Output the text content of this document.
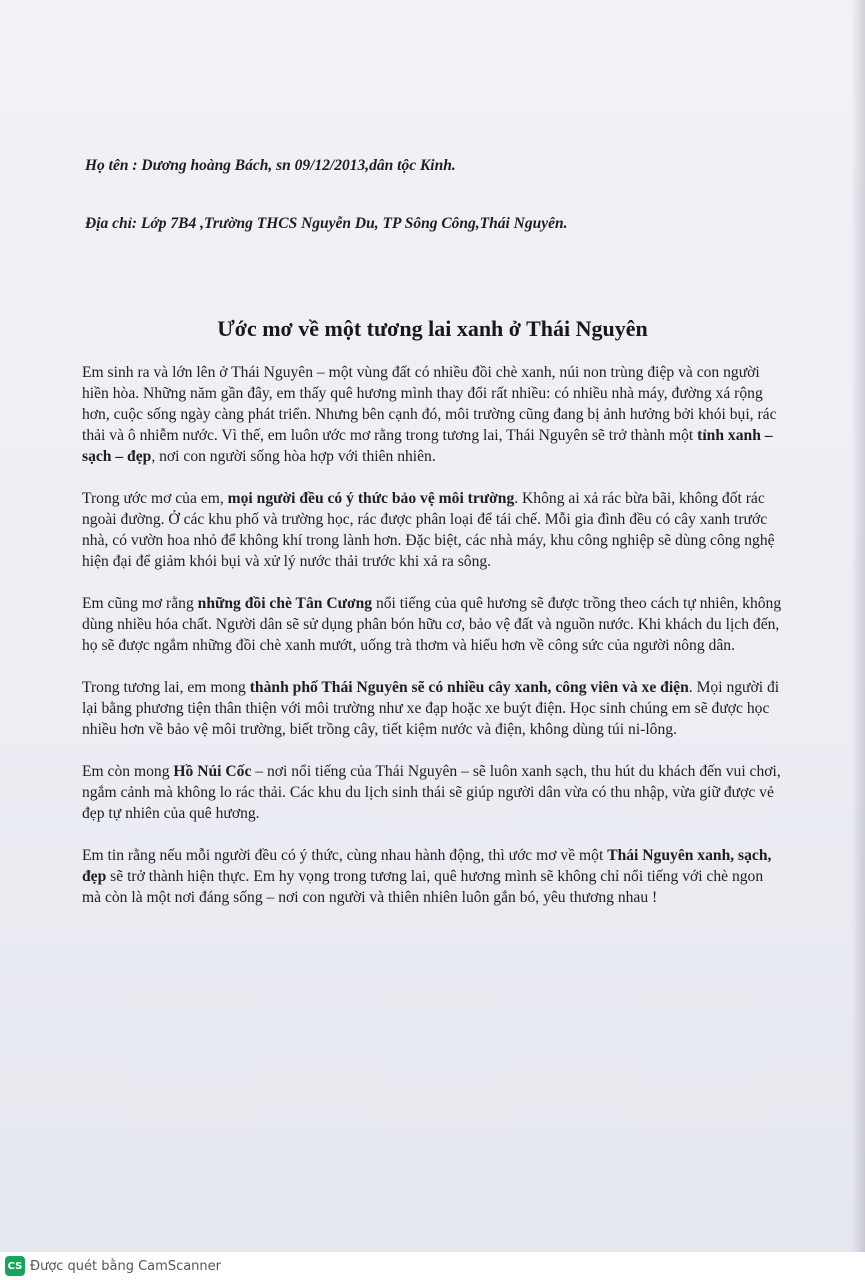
Họ tên : Dương hoàng Bách, sn 09/12/2013,dân tộc Kinh.
Địa chỉ: Lớp 7B4 ,Trường THCS Nguyễn Du, TP Sông Công,Thái Nguyên.
Ước mơ về một tương lai xanh ở Thái Nguyên

Em sinh ra và lớn lên ở Thái Nguyên – một vùng đất có nhiều đồi chè xanh, núi non trùng điệp và con người hiền hòa. Những năm gần đây, em thấy quê hương mình thay đổi rất nhiều: có nhiều nhà máy, đường xá rộng hơn, cuộc sống ngày càng phát triển. Nhưng bên cạnh đó, môi trường cũng đang bị ảnh hưởng bởi khói bụi, rác thải và ô nhiễm nước. Vì thế, em luôn ước mơ rằng trong tương lai, Thái Nguyên sẽ trở thành một tỉnh xanh – sạch – đẹp, nơi con người sống hòa hợp với thiên nhiên.

Trong ước mơ của em, mọi người đều có ý thức bảo vệ môi trường. Không ai xả rác bừa bãi, không đốt rác ngoài đường. Ở các khu phố và trường học, rác được phân loại để tái chế. Mỗi gia đình đều có cây xanh trước nhà, có vườn hoa nhỏ để không khí trong lành hơn. Đặc biệt, các nhà máy, khu công nghiệp sẽ dùng công nghệ hiện đại để giảm khói bụi và xử lý nước thải trước khi xả ra sông.

Em cũng mơ rằng những đồi chè Tân Cương nổi tiếng của quê hương sẽ được trồng theo cách tự nhiên, không dùng nhiều hóa chất. Người dân sẽ sử dụng phân bón hữu cơ, bảo vệ đất và nguồn nước. Khi khách du lịch đến, họ sẽ được ngắm những đồi chè xanh mướt, uống trà thơm và hiểu hơn về công sức của người nông dân.

Trong tương lai, em mong thành phố Thái Nguyên sẽ có nhiều cây xanh, công viên và xe điện. Mọi người đi lại bằng phương tiện thân thiện với môi trường như xe đạp hoặc xe buýt điện. Học sinh chúng em sẽ được học nhiều hơn về bảo vệ môi trường, biết trồng cây, tiết kiệm nước và điện, không dùng túi ni-lông.

Em còn mong Hồ Núi Cốc – nơi nổi tiếng của Thái Nguyên – sẽ luôn xanh sạch, thu hút du khách đến vui chơi, ngắm cảnh mà không lo rác thải. Các khu du lịch sinh thái sẽ giúp người dân vừa có thu nhập, vừa giữ được vẻ đẹp tự nhiên của quê hương.

Em tin rằng nếu mỗi người đều có ý thức, cùng nhau hành động, thì ước mơ về một Thái Nguyên xanh, sạch, đẹp sẽ trở thành hiện thực. Em hy vọng trong tương lai, quê hương mình sẽ không chỉ nổi tiếng với chè ngon mà còn là một nơi đáng sống – nơi con người và thiên nhiên luôn gắn bó, yêu thương nhau !

CS Được quét bằng CamScanner
